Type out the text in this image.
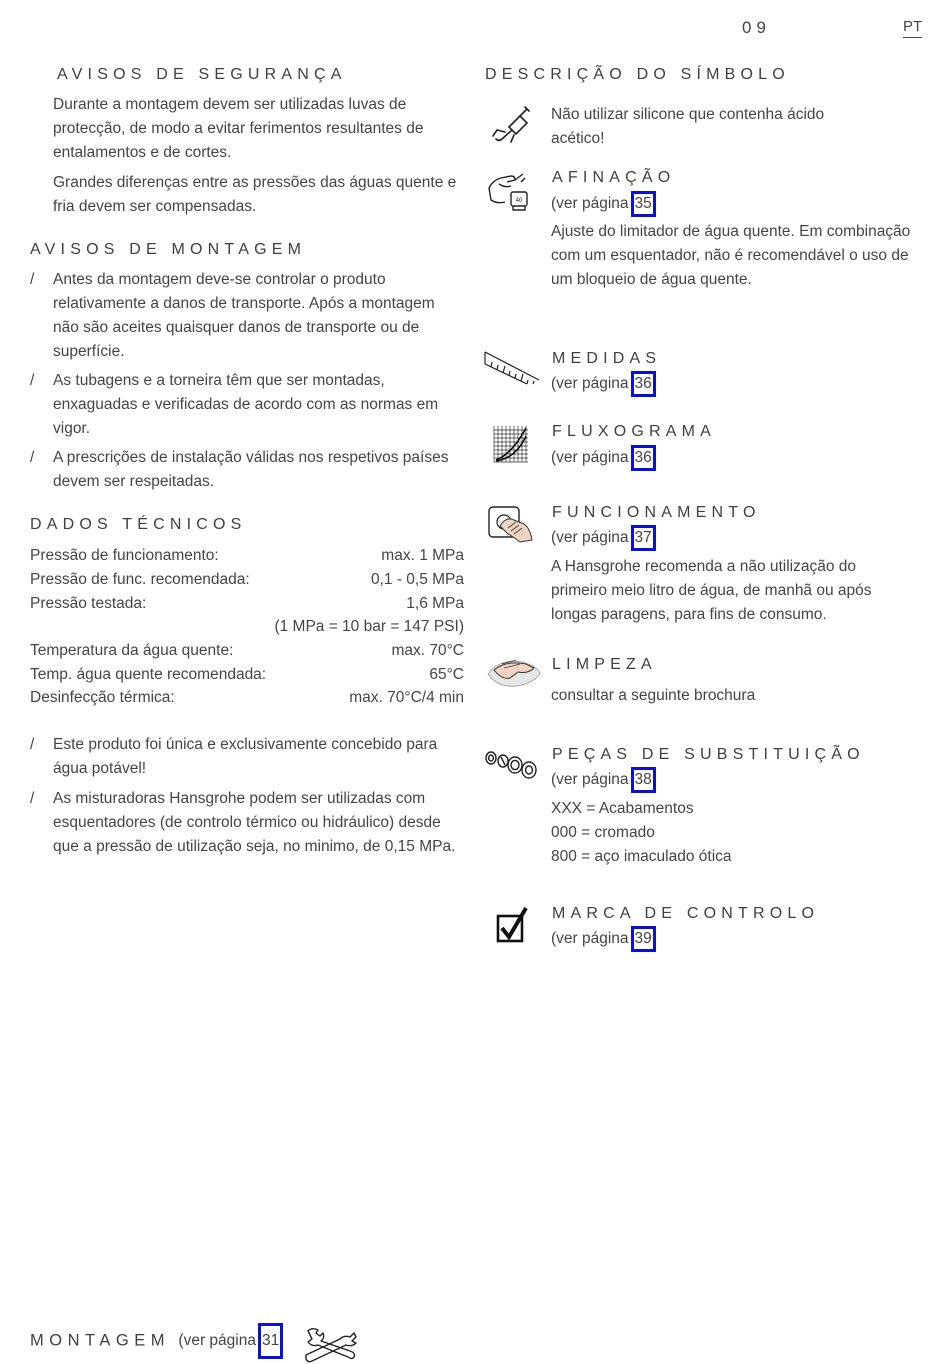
09	PT
AVISOS DE SEGURANÇA
Durante a montagem devem ser utilizadas luvas de protecção, de modo a evitar ferimentos resultantes de entalamentos e de cortes.
Grandes diferenças entre as pressões das águas quente e fria devem ser compensadas.
AVISOS DE MONTAGEM
/ Antes da montagem deve-se controlar o produto relativamente a danos de transporte. Após a montagem não são aceites quaisquer danos de transporte ou de superfície.
/ As tubagens e a torneira têm que ser montadas, enxaguadas e verificadas de acordo com as normas em vigor.
/ A prescrições de instalação válidas nos respetivos países devem ser respeitadas.
DADOS TÉCNICOS
Pressão de funcionamento:	max. 1 MPa
Pressão de func. recomendada:	0,1 - 0,5 MPa
Pressão testada:	1,6 MPa
(1 MPa = 10 bar = 147 PSI)
Temperatura da água quente:	max. 70°C
Temp. água quente recomendada:	65°C
Desinfecção térmica:	max. 70°C/4 min
/ Este produto foi única e exclusivamente concebido para água potável!
/ As misturadoras Hansgrohe podem ser utilizadas com esquentadores (de controlo térmico ou hidráulico) desde que a pressão de utilização seja, no minimo, de 0,15 MPa.
DESCRIÇÃO DO SÍMBOLO
Não utilizar silicone que contenha ácido acético!
40
AFINAÇÃO
(ver página 35
Ajuste do limitador de água quente. Em combinação com um esquentador, não é recomendável o uso de um bloqueio de água quente.
MEDIDAS
(ver página 36
FLUXOGRAMA
(ver página 36
FUNCIONAMENTO
(ver página 37
A Hansgrohe recomenda a não utilização do primeiro meio litro de água, de manhã ou após longas paragens, para fins de consumo.
LIMPEZA
consultar a seguinte brochura
PEÇAS DE SUBSTITUIÇÃO
(ver página 38
XXX = Acabamentos
000 = cromado
800 = aço imaculado ótica
MARCA DE CONTROLO
(ver página 39
MONTAGEM (ver página 31
